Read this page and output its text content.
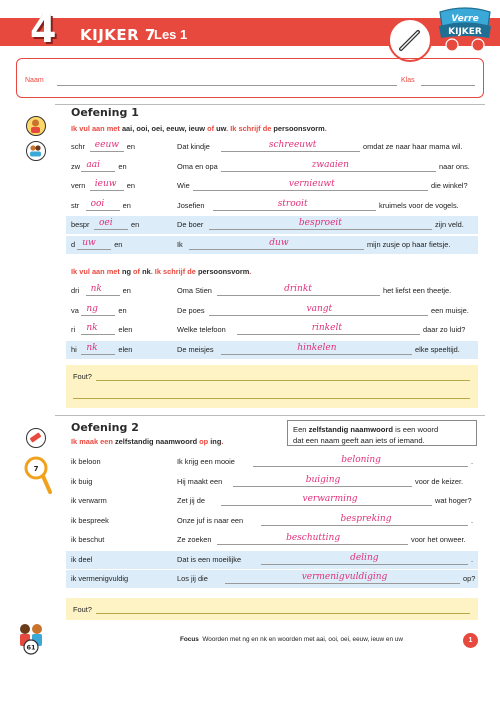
4 KIJKER 7
Les 1
Verre
KIJKER
Naam	Klas
Oefening 1
Ik vul aan met aai, ooi, oei, eeuw, ieuw of uw. Ik schrijf de persoonsvorm.
schr eeuw en	Dat kindje	schreeuwt	omdat ze naar haar mama wil.
zw aai en	Oma en opa	zwaaien	naar ons.
vern ieuw en	Wie	vernieuwt	die winkel?
str ooi en	Josefien	strooit	kruimels voor de vogels.
bespr oei en	De boer	besproeit	zijn veld.
d uw	en	Ik	duw	mijn zusje op haar fietsje.
Ik vul aan met ng of nk. Ik schrijf de persoonsvorm.
dri nk	en	Oma Stien	drinkt	het liefst een theetje.
va ng	en	De poes	vangt	een muisje.
ri nk	elen	Welke telefoon	rinkelt	daar zo luid?
hi nk	elen	De meisjes	hinkelen	elke speeltijd.
Fout?
7
Oefening 2
Ik maak een zelfstandig naamwoord op ing.
Een zelfstandig naamwoord is een woord
dat een naam geeft aan iets of iemand.
ik beloon	Ik krijg een mooie	beloning	.
ik buig	Hij maakt een	buiging	voor de keizer.
ik verwarm	Zet jij de	verwarming	wat hoger?
ik bespreek	Onze juf is naar een	bespreking	.
ik beschut	Ze zoeken	beschutting	voor het onweer.
ik deel	Dat is een moeilijke	deling	.
ik vermenigvuldig	Los jij die	vermenigvuldiging	op?
Fout?
61
Focus Woorden met ng en nk en woorden met aai, ooi, oei, eeuw, ieuw en uw	1
